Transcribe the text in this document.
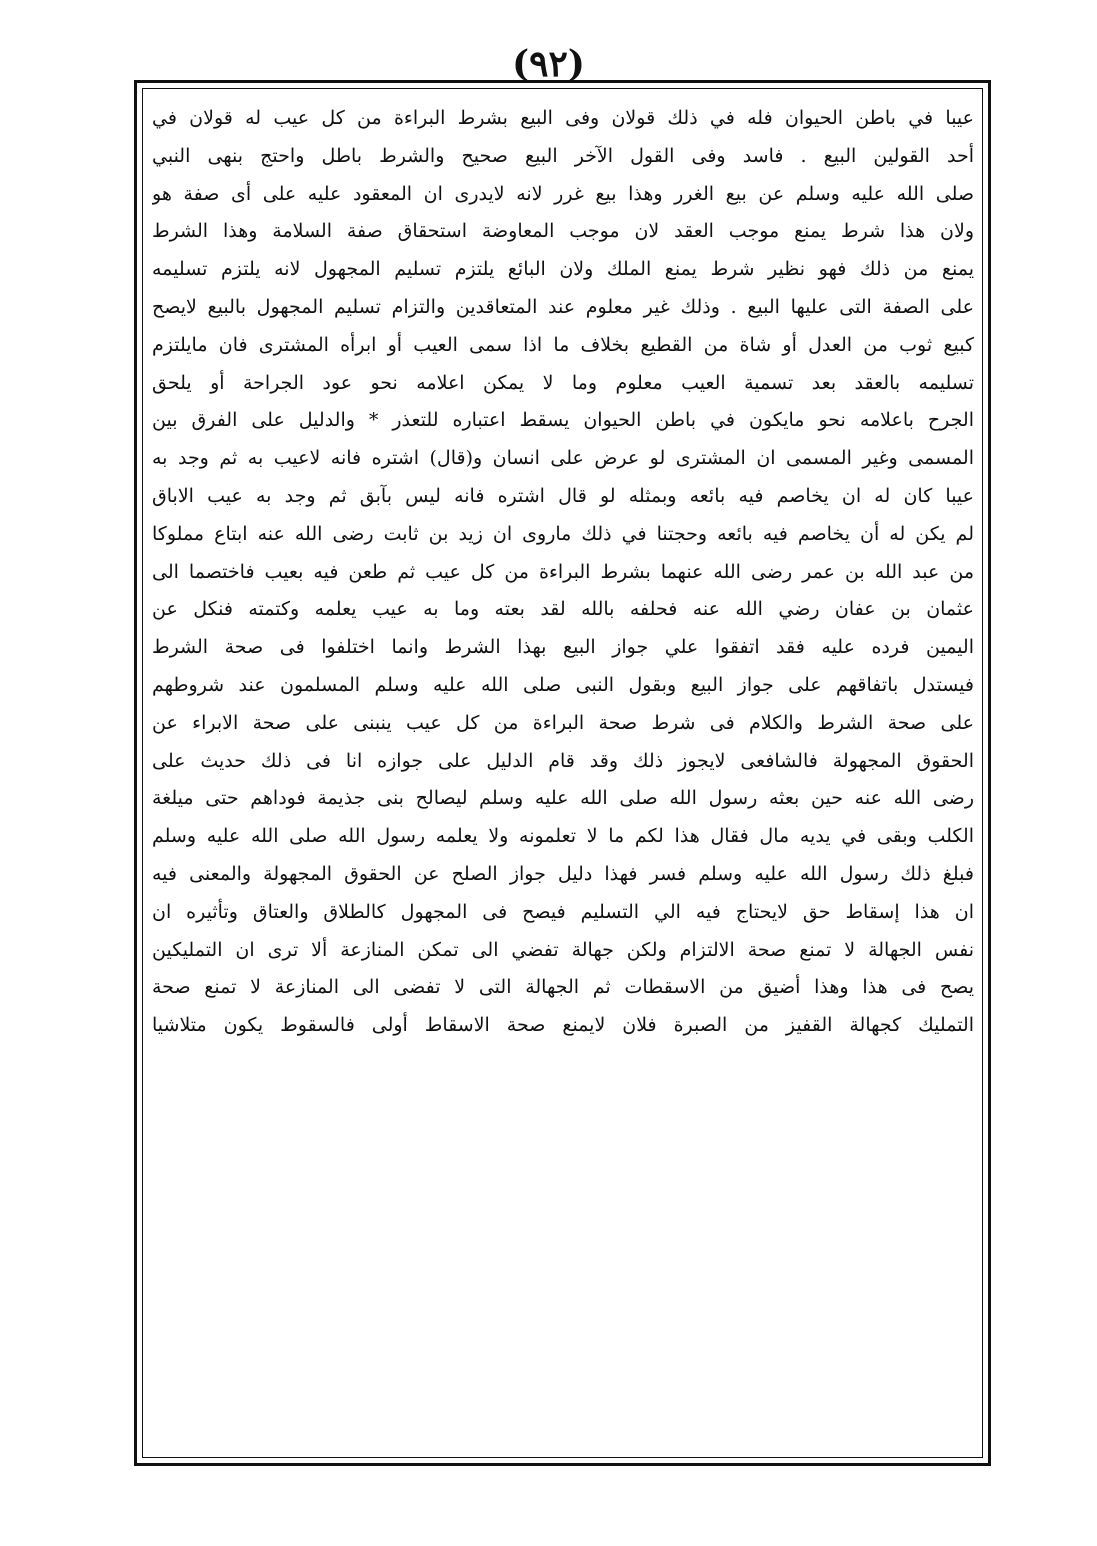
(٩٢)
عيبا في باطن الحيوان فله في ذلك قولان وفى البيع بشرط البراءة من كل عيب له قولان في
أحد القولين البيع . فاسد وفى القول الآخر البيع صحيح والشرط باطل واحتج بنهى النبي
صلى الله عليه وسلم عن بيع الغرر وهذا بيع غرر لانه لايدرى ان المعقود عليه على أى صفة هو
ولان هذا شرط يمنع موجب العقد لان موجب المعاوضة استحقاق صفة السلامة وهذا الشرط
يمنع من ذلك فهو نظير شرط يمنع الملك ولان البائع يلتزم تسليم المجهول لانه يلتزم تسليمه
على الصفة التى عليها البيع . وذلك غير معلوم عند المتعاقدين والتزام تسليم المجهول بالبيع لايصح
كبيع ثوب من العدل أو شاة من القطيع بخلاف ما اذا سمى العيب أو ابرأه المشترى فان مايلتزم
تسليمه بالعقد بعد تسمية العيب معلوم وما لا يمكن اعلامه نحو عود الجراحة أو يلحق
الجرح باعلامه نحو مايكون في باطن الحيوان يسقط اعتباره للتعذر * والدليل على الفرق بين
المسمى وغير المسمى ان المشترى لو عرض على انسان و(قال) اشتره فانه لاعيب به ثم وجد به
عيبا كان له ان يخاصم فيه بائعه وبمثله لو قال اشتره فانه ليس بآبق ثم وجد به عيب الاباق
لم يكن له أن يخاصم فيه بائعه وحجتنا في ذلك ماروى ان زيد بن ثابت رضى الله عنه ابتاع مملوكا
من عبد الله بن عمر رضى الله عنهما بشرط البراءة من كل عيب ثم طعن فيه بعيب فاختصما الى
عثمان بن عفان رضي الله عنه فحلفه بالله لقد بعته وما به عيب يعلمه وكتمته فنكل عن
اليمين فرده عليه فقد اتفقوا علي جواز البيع بهذا الشرط وانما اختلفوا فى صحة الشرط
فيستدل باتفاقهم على جواز البيع وبقول النبى صلى الله عليه وسلم المسلمون عند شروطهم
على صحة الشرط والكلام فى شرط صحة البراءة من كل عيب ينبنى على صحة الابراء عن
الحقوق المجهولة فالشافعى لايجوز ذلك وقد قام الدليل على جوازه انا فى ذلك حديث على
رضى الله عنه حين بعثه رسول الله صلى الله عليه وسلم ليصالح بنى جذيمة فوداهم حتى ميلغة
الكلب وبقى في يديه مال فقال هذا لكم ما لا تعلمونه ولا يعلمه رسول الله صلى الله عليه وسلم
فبلغ ذلك رسول الله عليه وسلم فسر فهذا دليل جواز الصلح عن الحقوق المجهولة والمعنى فيه
ان هذا إسقاط حق لايحتاج فيه الي التسليم فيصح فى المجهول كالطلاق والعتاق وتأثيره ان
نفس الجهالة لا تمنع صحة الالتزام ولكن جهالة تفضي الى تمكن المنازعة ألا ترى ان التمليكين
يصح فى هذا وهذا أضيق من الاسقطات ثم الجهالة التى لا تفضى الى المنازعة لا تمنع صحة
التمليك كجهالة القفيز من الصبرة فلان لايمنع صحة الاسقاط أولى فالسقوط يكون متلاشيا
